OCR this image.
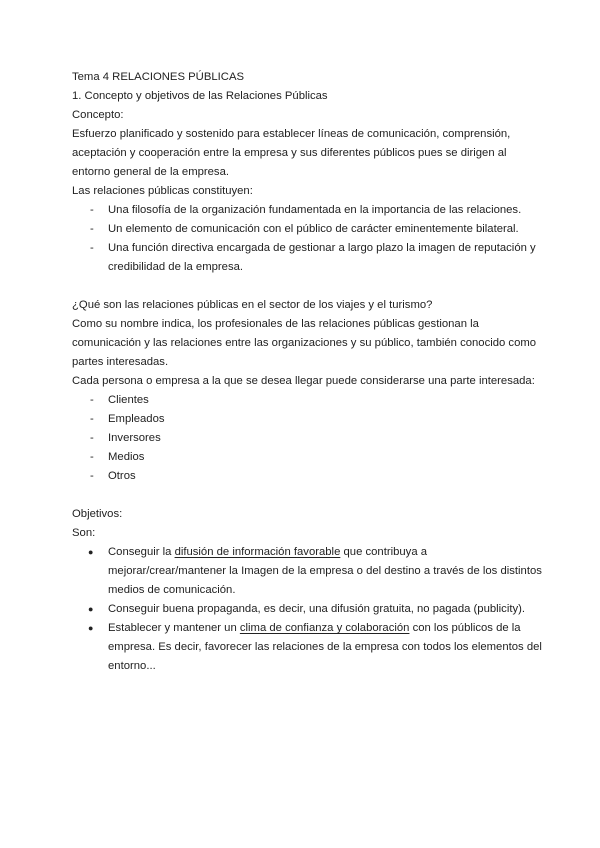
Tema 4 RELACIONES PÚBLICAS
1. Concepto y objetivos de las Relaciones Públicas
Concepto:
Esfuerzo planificado y sostenido para establecer líneas de comunicación, comprensión, aceptación y cooperación entre la empresa y sus diferentes públicos pues se dirigen al entorno general de la empresa.
Las relaciones públicas constituyen:
- Una filosofía de la organización fundamentada en la importancia de las relaciones.
- Un elemento de comunicación con el público de carácter eminentemente bilateral.
- Una función directiva encargada de gestionar a largo plazo la imagen de reputación y credibilidad de la empresa.
¿Qué son las relaciones públicas en el sector de los viajes y el turismo?
Como su nombre indica, los profesionales de las relaciones públicas gestionan la comunicación y las relaciones entre las organizaciones y su público, también conocido como partes interesadas.
Cada persona o empresa a la que se desea llegar puede considerarse una parte interesada:
- Clientes
- Empleados
- Inversores
- Medios
- Otros
Objetivos:
Son:
● Conseguir la difusión de información favorable que contribuya a mejorar/crear/mantener la Imagen de la empresa o del destino a través de los distintos medios de comunicación.
● Conseguir buena propaganda, es decir, una difusión gratuita, no pagada (publicity).
● Establecer y mantener un clima de confianza y colaboración con los públicos de la empresa. Es decir, favorecer las relaciones de la empresa con todos los elementos del entorno...
